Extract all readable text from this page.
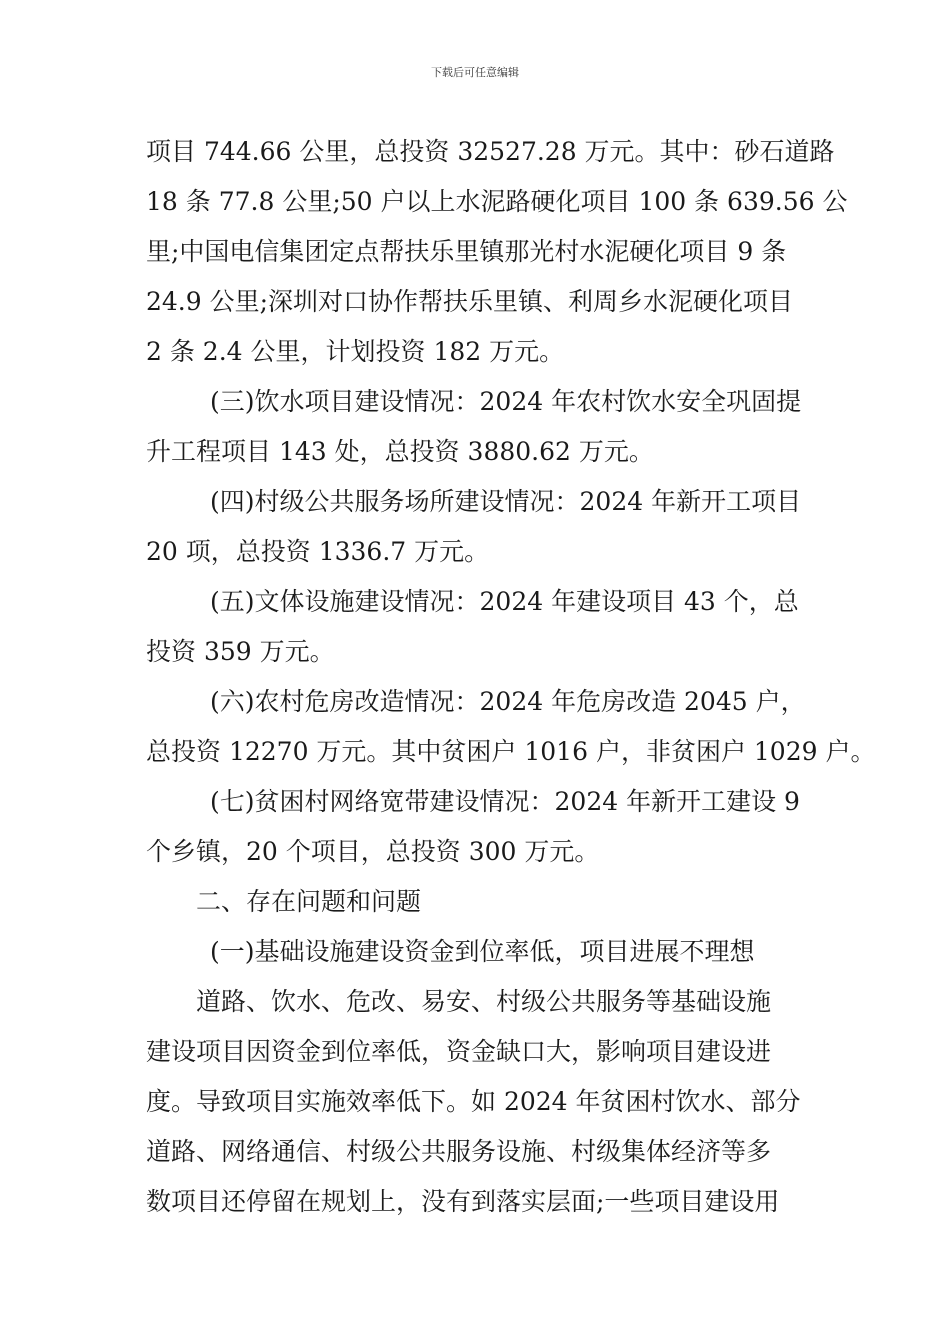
下载后可任意编辑
项目 744.66 公里，总投资 32527.28 万元。其中：砂石道路
18 条 77.8 公里;50 户以上水泥路硬化项目 100 条 639.56 公
里;中国电信集团定点帮扶乐里镇那光村水泥硬化项目 9 条
24.9 公里;深圳对口协作帮扶乐里镇、利周乡水泥硬化项目
2 条 2.4 公里，计划投资 182 万元。
(三)饮水项目建设情况：2024 年农村饮水安全巩固提
升工程项目 143 处，总投资 3880.62 万元。
(四)村级公共服务场所建设情况：2024 年新开工项目
20 项，总投资 1336.7 万元。
(五)文体设施建设情况：2024 年建设项目 43 个，总
投资 359 万元。
(六)农村危房改造情况：2024 年危房改造 2045 户，
总投资 12270 万元。其中贫困户 1016 户，非贫困户 1029 户。
(七)贫困村网络宽带建设情况：2024 年新开工建设 9
个乡镇，20 个项目，总投资 300 万元。
二、存在问题和问题
(一)基础设施建设资金到位率低，项目进展不理想
道路、饮水、危改、易安、村级公共服务等基础设施
建设项目因资金到位率低，资金缺口大，影响项目建设进
度。导致项目实施效率低下。如 2024 年贫困村饮水、部分
道路、网络通信、村级公共服务设施、村级集体经济等多
数项目还停留在规划上，没有到落实层面;一些项目建设用
